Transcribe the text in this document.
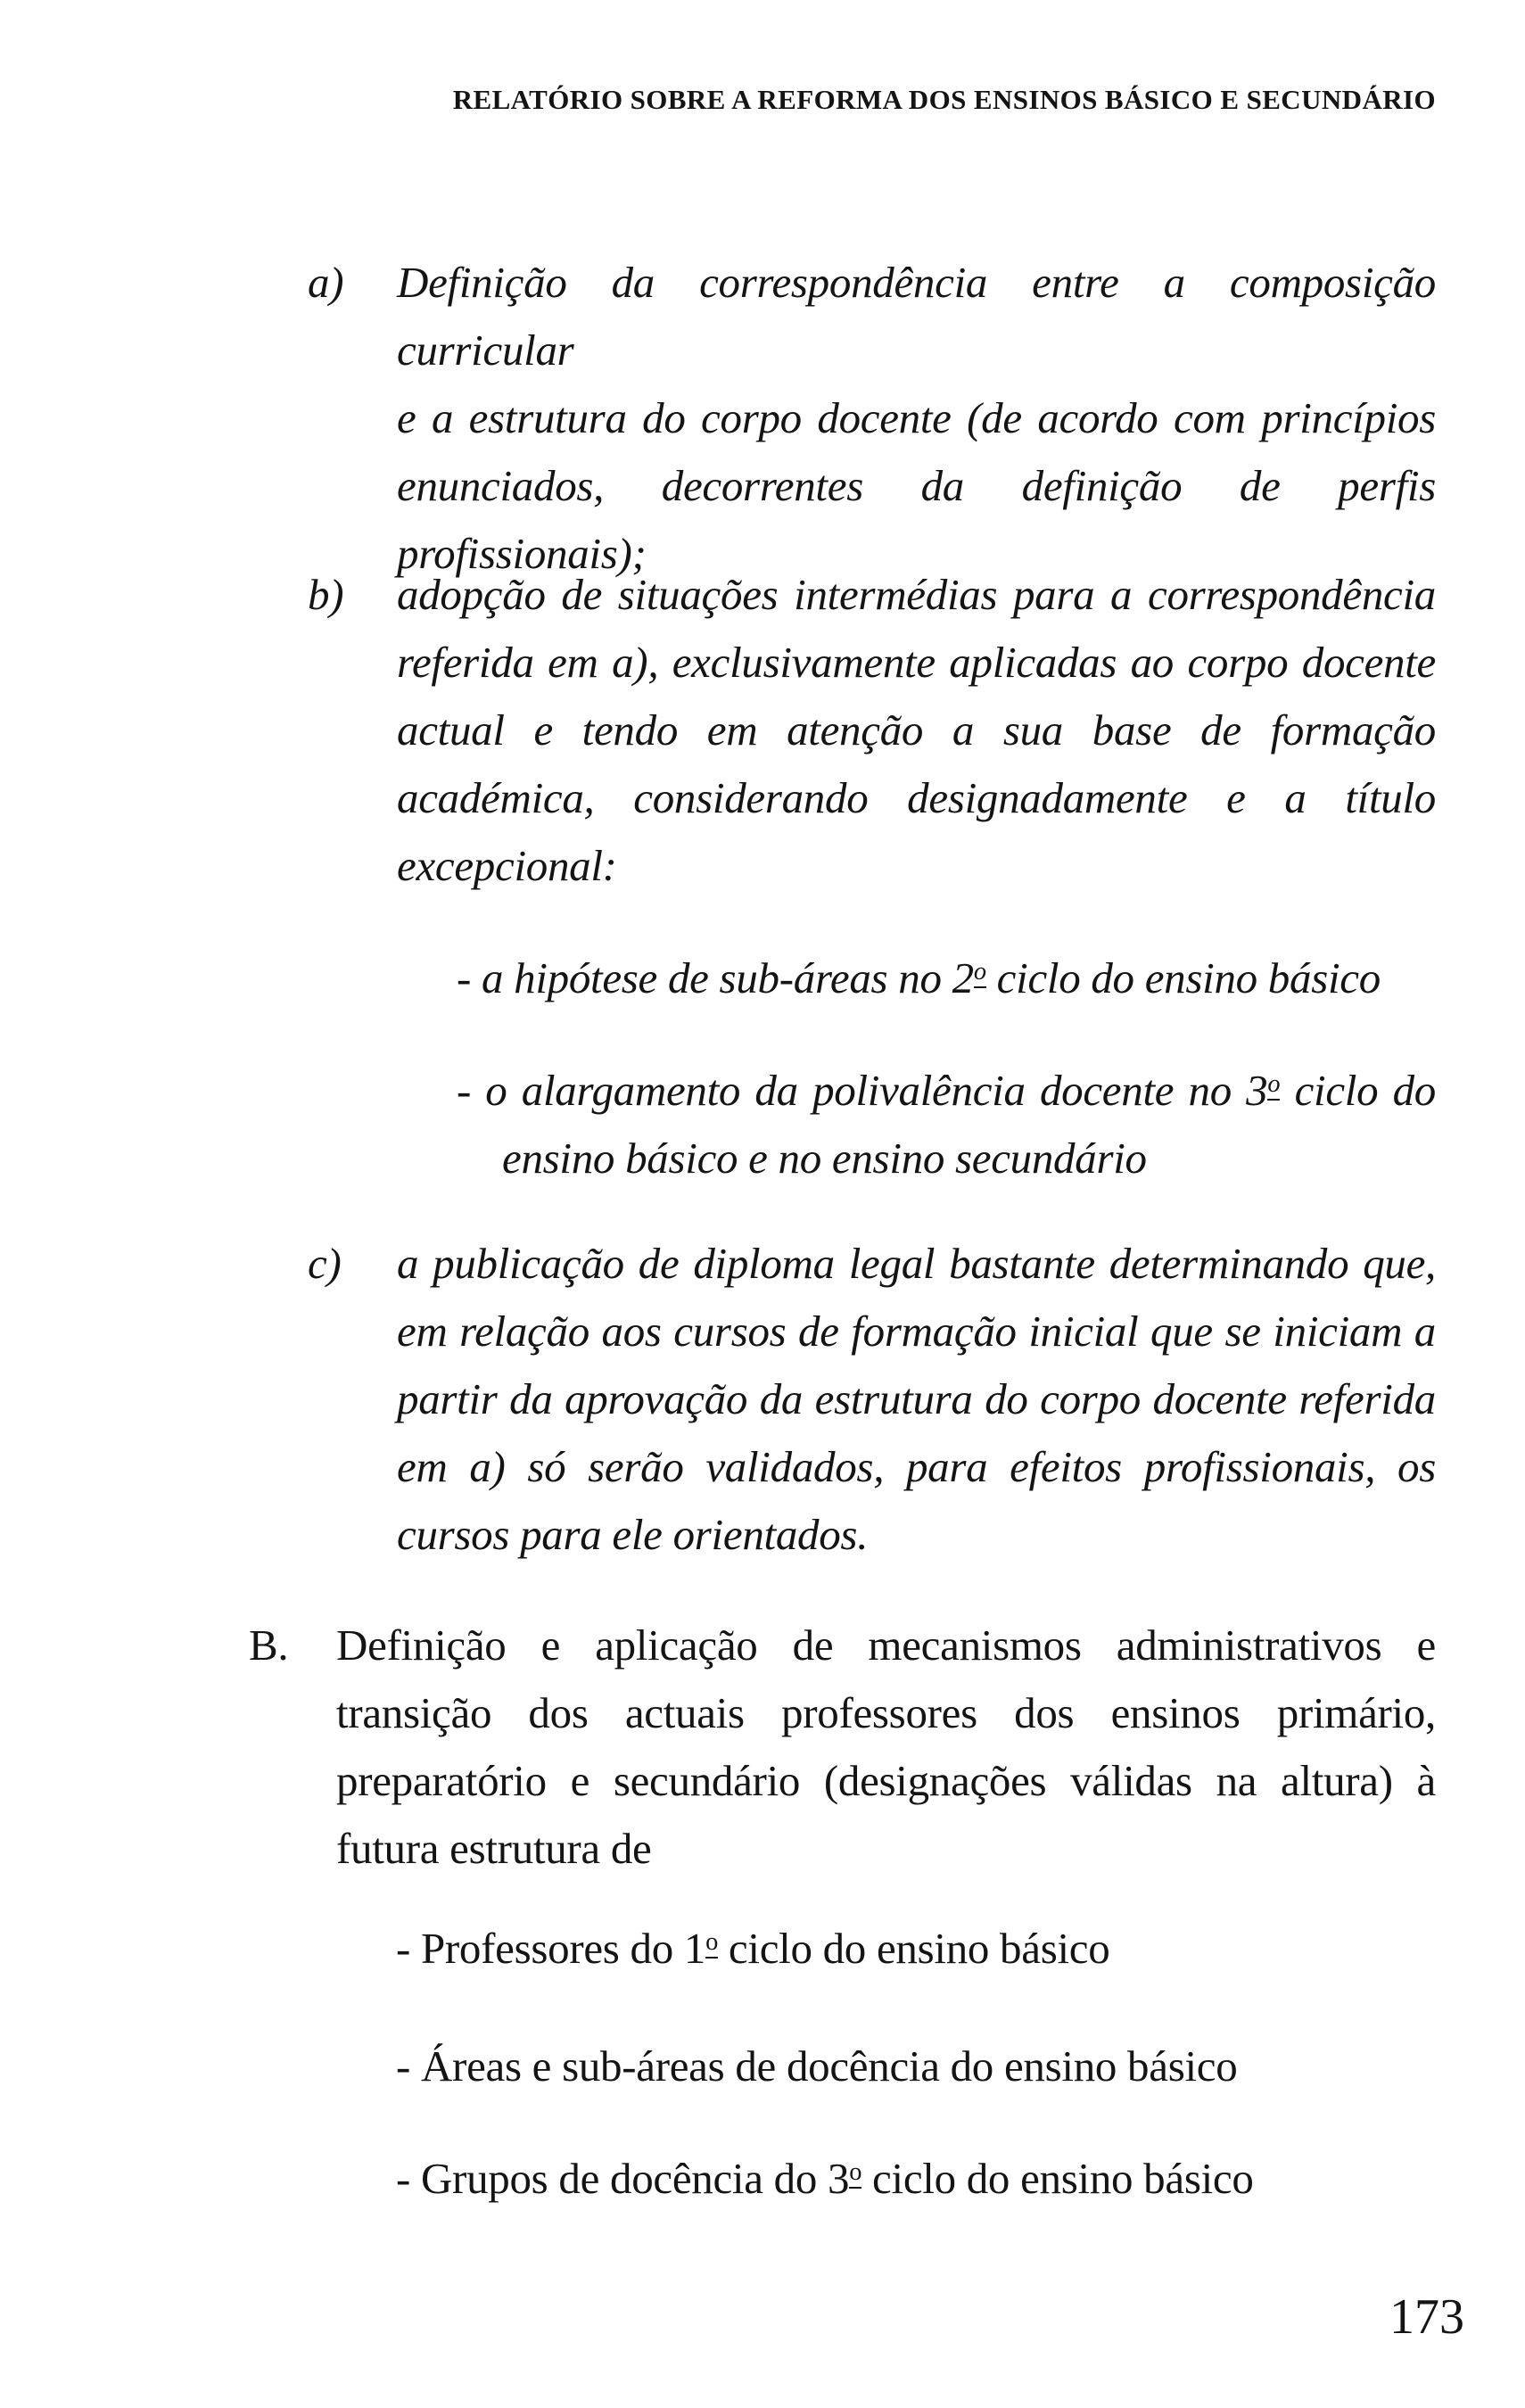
RELATÓRIO SOBRE A REFORMA DOS ENSINOS BÁSICO E SECUNDÁRIO
a)	Definição da correspondência entre a composição curricular
e a estrutura do corpo docente (de acordo com princípios
enunciados, decorrentes da definição de perfis
profissionais);
b)	adopção de situações intermédias para a correspondência
referida em a), exclusivamente aplicadas ao corpo docente
actual e tendo em atenção a sua base de formação
académica, considerando designadamente e a título
excepcional:
- a hipótese de sub-áreas no 2o ciclo do ensino básico
- o alargamento da polivalência docente no 3o ciclo do
ensino básico e no ensino secundário
c)	a publicação de diploma legal bastante determinando que,
em relação aos cursos de formação inicial que se iniciam a
partir da aprovação da estrutura do corpo docente referida
em a) só serão validados, para efeitos profissionais, os
cursos para ele orientados.
B.	Definição e aplicação de mecanismos administrativos e
transição dos actuais professores dos ensinos primário,
preparatório e secundário (designações válidas na altura) à
futura estrutura de
- Professores do 1o ciclo do ensino básico
- Áreas e sub-áreas de docência do ensino básico
- Grupos de docência do 3o ciclo do ensino básico
173
